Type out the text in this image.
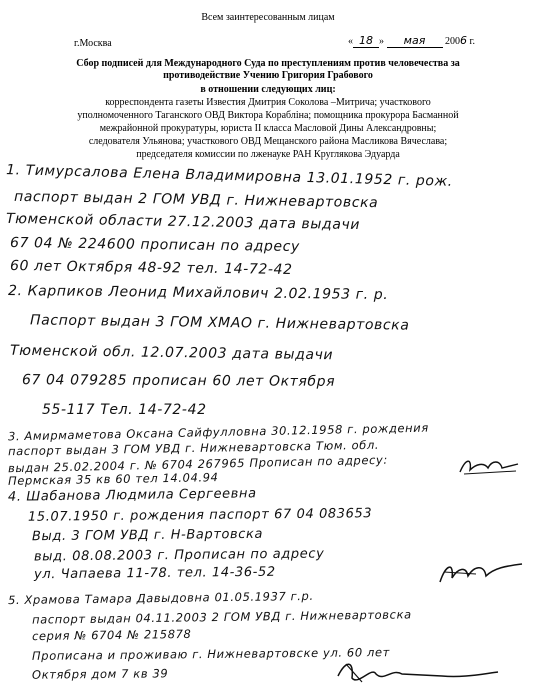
Всем заинтересованным лицам
г.Москва	« 18 » мая 2006 г.
Сбор подписей для Международного Суда по преступлениям против человечества за
противодействие Учению Григория Грабового
в отношении следующих лиц:
корреспондента газеты Известия Дмитрия Соколова –Митрича; участкового
уполномоченного Таганского ОВД Виктора Корабліна; помощника прокурора Басманной
межрайонной прокуратуры, юриста II класса Масловой Дины Александровны;
следователя Ульянова; участкового ОВД Мещанского района Масликова Вячеслава;
председателя комиссии по лженауке РАН Круглякова Эдуарда
1. Тимурсалова Елена Владимировна 13.01.1952 г. рож.
паспорт выдан 2 ГОМ УВД г. Нижневартовска
Тюменской области 27.12.2003 дата выдачи
67 04 № 224600 прописан по адресу
60 лет Октября 48-92 тел. 14-72-42
2. Карпиков Леонид Михайлович 2.02.1953 г. р.
Паспорт выдан 3 ГОМ ХМАО г. Нижневартовска
Тюменской обл. 12.07.2003 дата выдачи
67 04 079285 прописан 60 лет Октября
55-117 Тел. 14-72-42
3. Амирмаметова Оксана Сайфулловна 30.12.1958 г. рождения
паспорт выдан 3 ГОМ УВД г. Нижневартовска Тюм. обл.
выдан 25.02.2004 г. № 6704 267965 Прописан по адресу:
Пермская 35 кв 60 тел 14.04.94
4. Шабанова Людмила Сергеевна
15.07.1950 г. рождения паспорт 67 04 083653
Выд. 3 ГОМ УВД г. Н-Вартовска
выд. 08.08.2003 г. Прописан по адресу
ул. Чапаева 11-78. тел. 14-36-52
5. Храмова Тамара Давыдовна 01.05.1937 г.р.
паспорт выдан 04.11.2003 2 ГОМ УВД г. Нижневартовска
серия № 6704 № 215878
Прописана и проживаю г. Нижневартовске ул. 60 лет
Октября дом 7 кв 39
